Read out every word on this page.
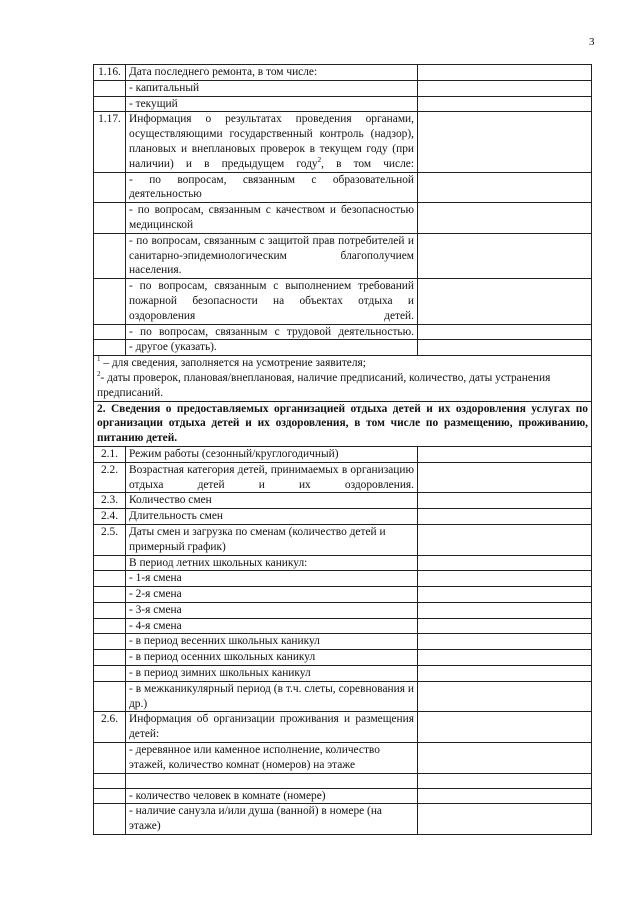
3
1.16.	Дата последнего ремонта, в том числе:	
	- капитальный	
	- текущий	
1.17.	Информация о результатах проведения органами, осуществляющими государственный контроль (надзор), плановых и внеплановых проверок в текущем году (при наличии) и в предыдущем году$^2$, в том числе:	
	- по вопросам, связанным с образовательной деятельностью	
	- по вопросам, связанным с качеством и безопасностью медицинской	
	- по вопросам, связанным с защитой прав потребителей и санитарно-эпидемиологическим благополучием населения.	
	- по вопросам, связанным с выполнением требований пожарной безопасности на объектах отдыха и оздоровления детей.	
	- по вопросам, связанным с трудовой деятельностью.	
	- другое (указать).	

$^1$ – для сведения, заполняется на усмотрение заявителя;
$^2$- даты проверок, плановая/внеплановая, наличие предписаний, количество, даты устранения предписаний.		

2. Сведения о предоставляемых организацией отдыха детей и их оздоровления услугах по организации отдыха детей и их оздоровления, в том числе по размещению, проживанию, питанию детей.		
2.1.	Режим работы (сезонный/круглогодичный)	
2.2.	Возрастная категория детей, принимаемых в организацию отдыха детей и их оздоровления.	
2.3.	Количество смен	
2.4.	Длительность смен	
2.5.	Даты смен и загрузка по сменам (количество детей и примерный график)	
	В период летних школьных каникул:	
	- 1-я смена	
	- 2-я смена	
	- 3-я смена	
	- 4-я смена	
	- в период весенних школьных каникул	
	- в период осенних школьных каникул	
	- в период зимних школьных каникул	
	- в межканикулярный период (в т.ч. слеты, соревнования и др.)	
2.6.	Информация об организации проживания и размещения детей:	
	- деревянное или каменное исполнение, количество этажей, количество комнат (номеров) на этаже	

	- количество человек в комнате (номере)	
	- наличие санузла и/или душа (ванной) в номере (на этаже)	
